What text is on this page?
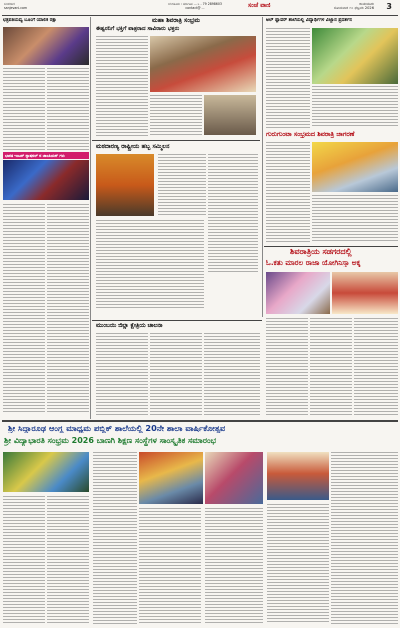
ಸಂಜೆವಾಣಿ
sanjevani.com
ಬೆಂಗಳೂರು : ಕರ್ನಾಟಕ ... ೩ - 79 2898603
contact@ ...	ಸಂಜೆ ವಾಣಿ	ರಾಯಚೂರು
ಸೋಮವಾರ ೧೦ ಫೆಬ್ರವರಿ 2026 3
ಛತ್ರಪತಿಯವ್ವ ಬೂಂಗೆ ಯಾಲಿಕ ರಕ್ಷಾ	ಮಹಾ ಶಿವರಾತ್ರಿ ಸಂಭ್ರಮ
ಈಶ್ವರನಿಗೆ ಭಕ್ತಿಗೆ ಪಾತ್ರರಾದ ಸಾವಿರಾರು ಭಕ್ತರು
ಅಲ್ ಫ್ಲಾವರ್ ಶಾಲೆಯಲ್ಲಿ ವಿದ್ಯಾರ್ಥಿಗಳ ವಿಜ್ಞಾನ ಪ್ರದರ್ಶನ
ಮಠದಾರಣ್ಯ ರಾಷ್ಟ್ರೀಯ ಹಬ್ಬ ಸಮ್ಮಿಲನ
ಭಾರತ ಇಂಟರ್ ನ್ಯಾಷನಲ್ ನ ಚಾಂಪಿಯನ್ ಗಳು
ಗುರುಗುಂಟಾ ಸಂಭ್ರಮದ ಶಿವರಾತ್ರಿ ಜಾಗರಣೆ
ಶಿವರಾತ್ರಿಯ ಸಡಗರದಲ್ಲಿ
ಓ.ಕತು ಮಾರಲ ರಾಜಾ ಯೋಗಿನಿಸ್ತಾ ಅಕ್ಕ
ಮುಂಬಯಿ ಜಿಲ್ಲಾ ಕ್ಷೇತ್ರಿಯ ಚಾಲನಾ
ಶ್ರೀ ಸಿದ್ದಾರೂಢ ಆಂಗ್ಲ ಮಾಧ್ಯಮ ಪಬ್ಲಿಕ್ ಶಾಲೆಯಲ್ಲಿ 20ನೇ ಶಾಲಾ ವಾರ್ಷಿಕೋತ್ಸವ
ಶ್ರೀ ವಿದ್ಯಾಭಾರತಿ ಸಂಭ್ರಮ 2026 ಬಾಣಗಿ ಶಿಕ್ಷಣ ಸಂಸ್ಥೆಗಳ ಸಾಂಸ್ಕೃತಿಕ ಸಮಾರಂಭ
